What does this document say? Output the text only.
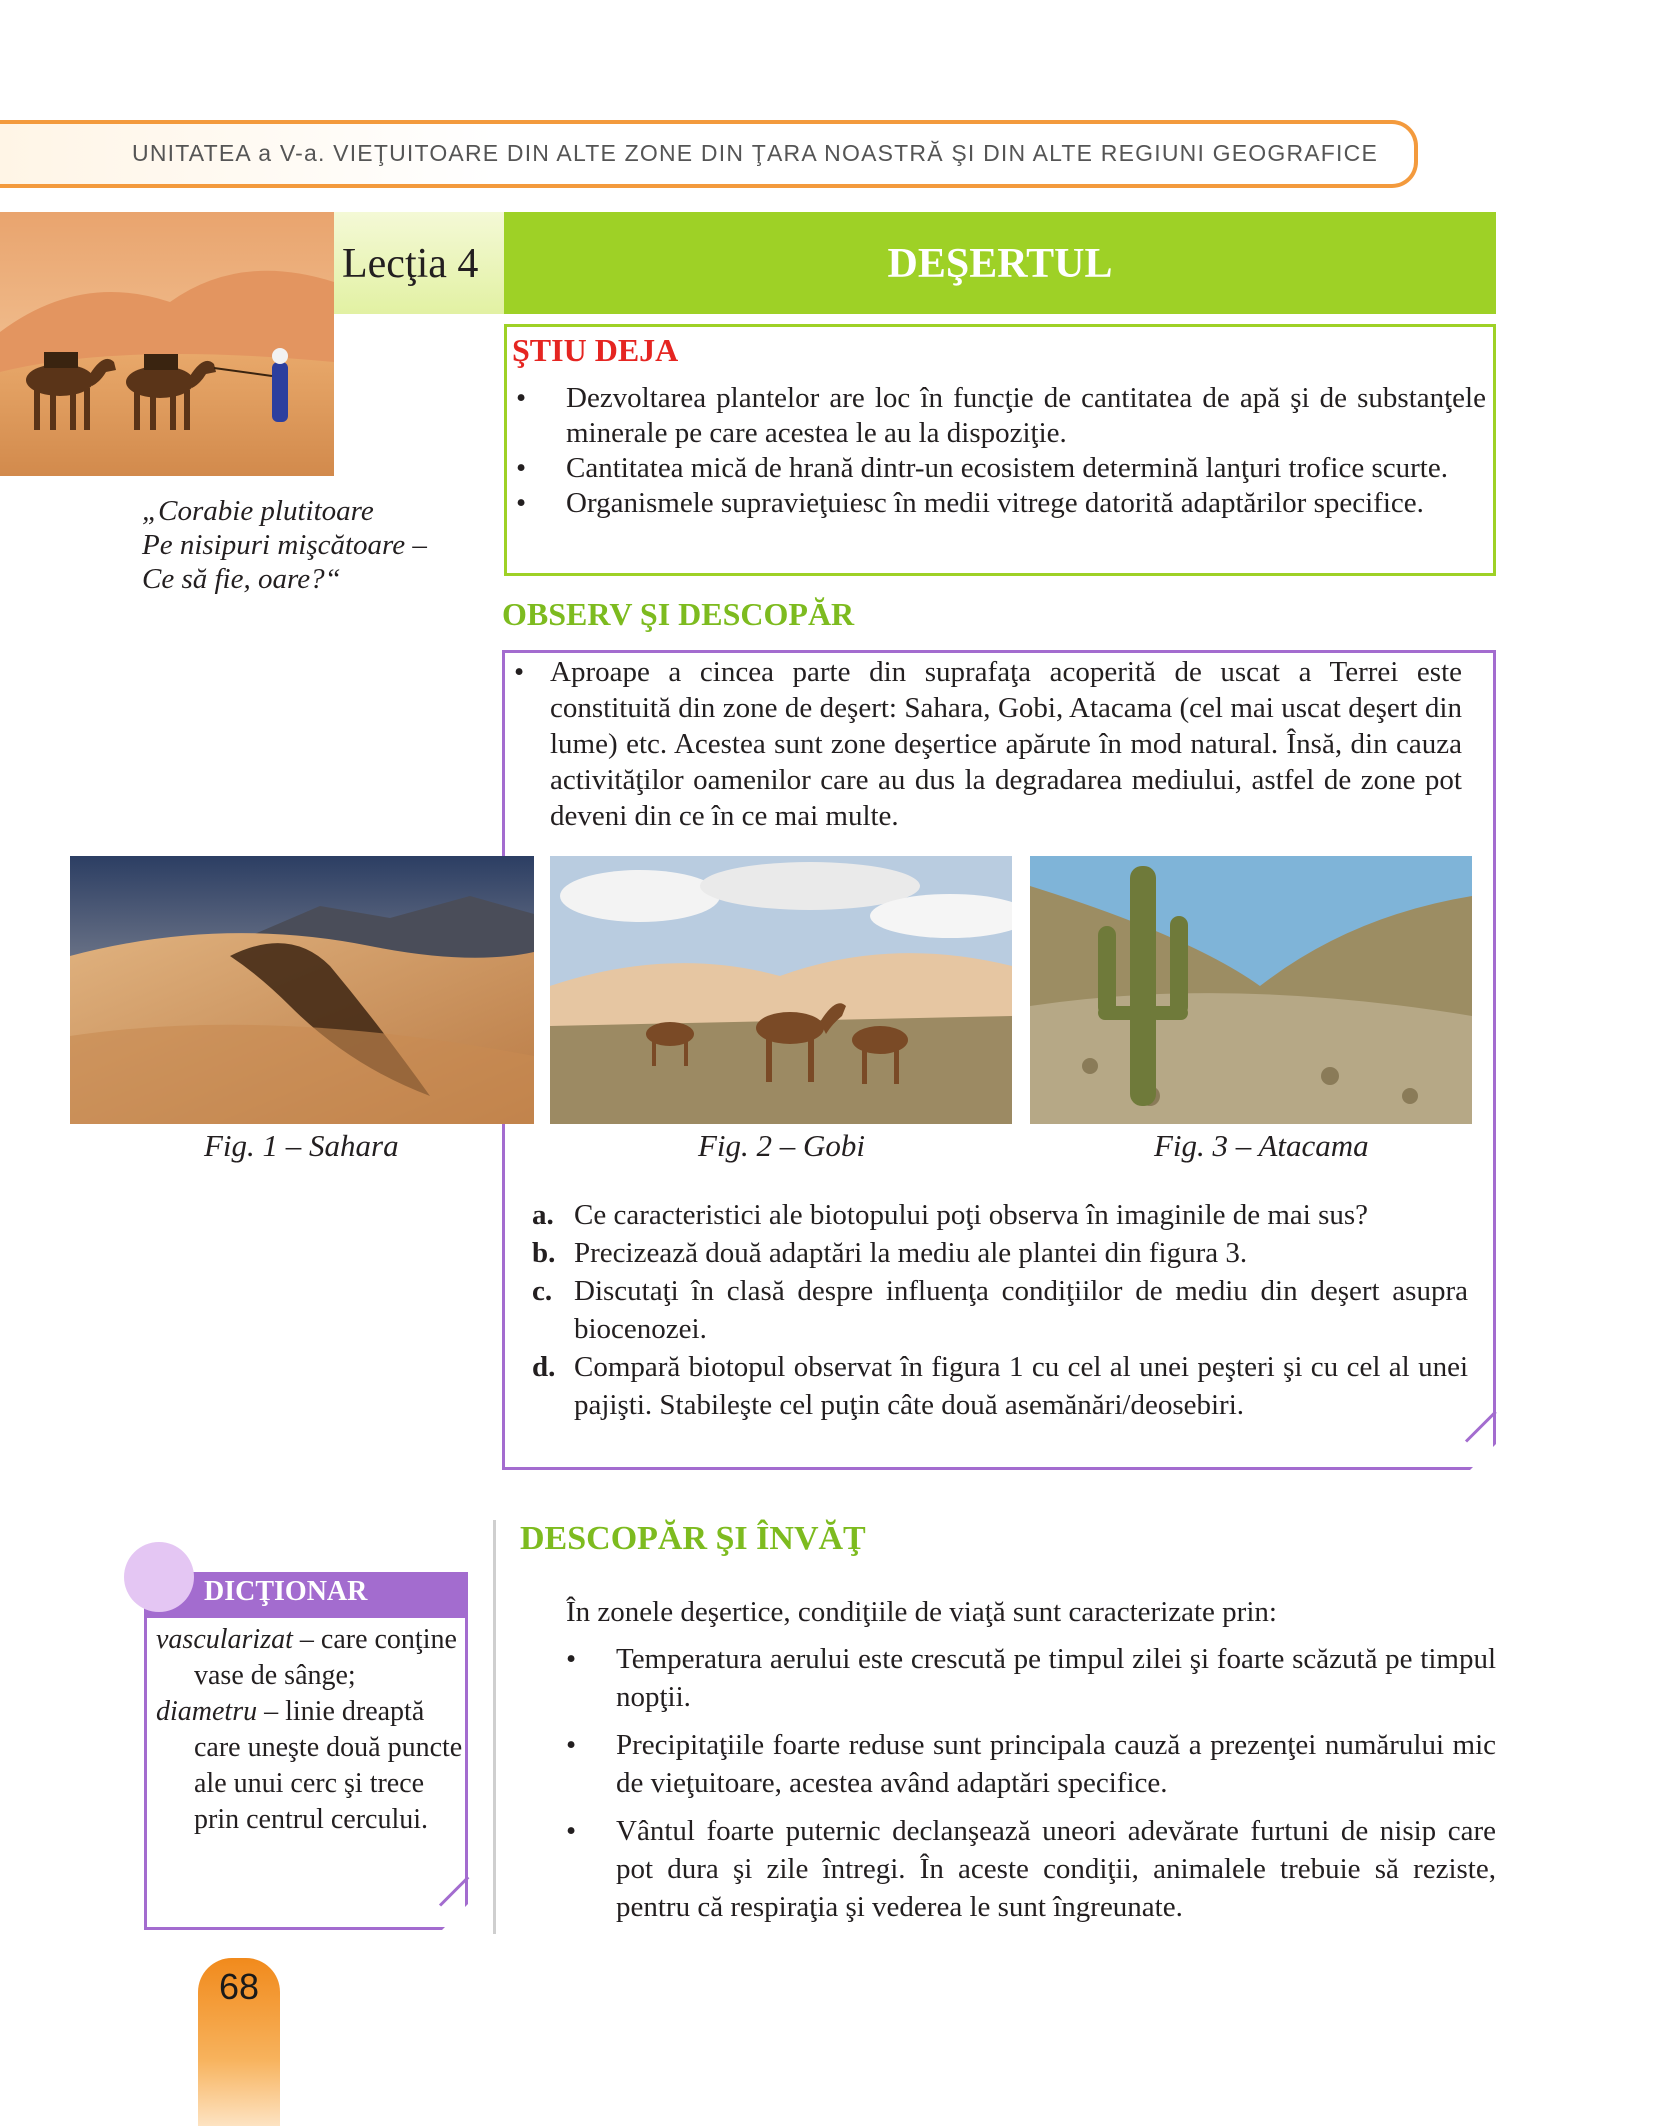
UNITATEA a V-a. VIEŢUITOARE DIN ALTE ZONE DIN ŢARA NOASTRĂ ŞI DIN ALTE REGIUNI GEOGRAFICE
„Corabie plutitoare
Pe nisipuri mişcătoare –
Ce să fie, oare?“
Lecţia 4	DEŞERTUL
ŞTIU DEJA
• Dezvoltarea plantelor are loc în funcţie de cantitatea de apă şi de substanţele minerale pe care acestea le au la dispoziţie.
• Cantitatea mică de hrană dintr-un ecosistem determină lanţuri trofice scurte.
• Organismele supravieţuiesc în medii vitrege datorită adaptărilor specifice.
OBSERV ŞI DESCOPĂR
• Aproape a cincea parte din suprafaţa acoperită de uscat a Terrei este constituită din zone de deşert: Sahara, Gobi, Atacama (cel mai uscat deşert din lume) etc. Acestea sunt zone deşertice apărute în mod natural. Însă, din cauza activităţilor oamenilor care au dus la degradarea mediului, astfel de zone pot deveni din ce în ce mai multe.
Fig. 1 – Sahara	Fig. 2 – Gobi	Fig. 3 – Atacama
a. Ce caracteristici ale biotopului poţi observa în imaginile de mai sus?
b. Precizează două adaptări la mediu ale plantei din figura 3.
c. Discutaţi în clasă despre influenţa condiţiilor de mediu din deşert asupra biocenozei.
d. Compară biotopul observat în figura 1 cu cel al unei peşteri şi cu cel al unei pajişti. Stabileşte cel puţin câte două asemănări/deosebiri.
DESCOPĂR ŞI ÎNVĂŢ
În zonele deşertice, condiţiile de viaţă sunt caracterizate prin:
• Temperatura aerului este crescută pe timpul zilei şi foarte scăzută pe timpul nopţii.
• Precipitaţiile foarte reduse sunt principala cauză a prezenţei numărului mic de vieţuitoare, acestea având adaptări specifice.
• Vântul foarte puternic declanşează uneori adevărate furtuni de nisip care pot dura şi zile întregi. În aceste condiţii, animalele trebuie să reziste, pentru că respiraţia şi vederea le sunt îngreunate.
DICŢIONAR
vascularizat – care conţine vase de sânge;
diametru – linie dreaptă care uneşte două puncte ale unui cerc şi trece prin centrul cercului.
68
